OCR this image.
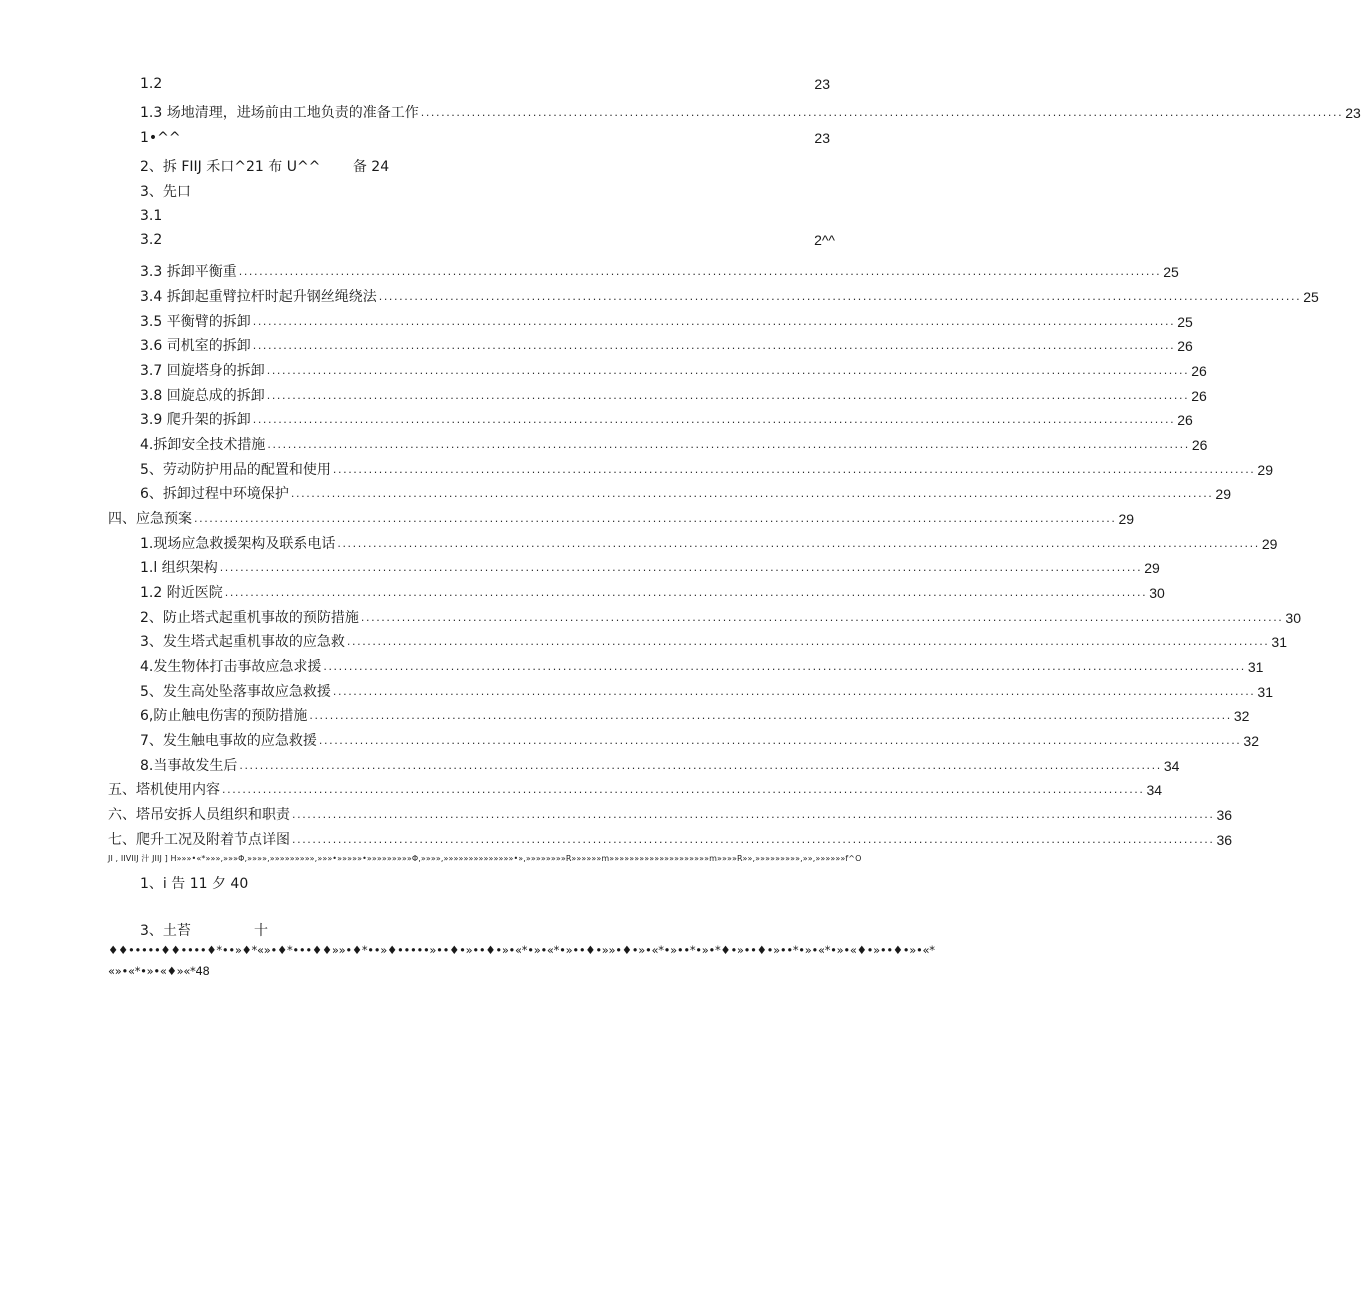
1.2	23
1.3 场地清理，进场前由工地负责的准备工作 ..................................................................................................................................................................................... 23
1•^^	23
2、拆 FIIJ 禾口^21 布 U^^ 　　备 24
3、先口
3.1
3.2	2^^
3.3 拆卸平衡重 ..................................................................................................................................................................................... 25
3.4 拆卸起重臂拉杆时起升钢丝绳绕法 ..................................................................................................................................................................................... 25
3.5 平衡臂的拆卸 ..................................................................................................................................................................................... 25
3.6 司机室的拆卸 ..................................................................................................................................................................................... 26
3.7 回旋塔身的拆卸 ..................................................................................................................................................................................... 26
3.8 回旋总成的拆卸 ..................................................................................................................................................................................... 26
3.9 爬升架的拆卸 ..................................................................................................................................................................................... 26
4.拆卸安全技术措施 ..................................................................................................................................................................................... 26
5、劳动防护用品的配置和使用 ..................................................................................................................................................................................... 29
6、拆卸过程中环境保护 ..................................................................................................................................................................................... 29
四、应急预案 ..................................................................................................................................................................................... 29
1.现场应急救援架构及联系电话 ..................................................................................................................................................................................... 29
1.l 组织架构 ..................................................................................................................................................................................... 29
1.2 附近医院 ..................................................................................................................................................................................... 30
2、防止塔式起重机事故的预防措施 ..................................................................................................................................................................................... 30
3、发生塔式起重机事故的应急救 ..................................................................................................................................................................................... 31
4.发生物体打击事故应急求援 ..................................................................................................................................................................................... 31
5、发生高处坠落事故应急救援 ..................................................................................................................................................................................... 31
6,防止触电伤害的预防措施 ..................................................................................................................................................................................... 32
7、发生触电事故的应急救援 ..................................................................................................................................................................................... 32
8.当事故发生后 ..................................................................................................................................................................................... 34
五、塔机使用内容 ..................................................................................................................................................................................... 34
六、塔吊安拆人员组织和职责 ..................................................................................................................................................................................... 36
七、爬升工况及附着节点详图 ..................................................................................................................................................................................... 36
JI , IIVIIJ 汁 JIIJ ] H»»»•«*»»»,»»»Φ,»»»»,»»»»»»»»»,»»»•»»»»»•»»»»»»»»»Φ,»»»»,»»»»»»»»»»»»»»•»,»»»»»»»»R»»»»»»m»»»»»»»»»»»»»»»»»»»»m»»»»R»»,»»»»»»»»»,»»,»»»»»»f^O
1、i 告 11 夕 40
3、土苔	十
♦♦•••••♦♦••••♦*••»♦*«»•♦*•••♦♦»»•♦*••»♦•••••»••♦•»••♦•»•«*•»•«*•»••♦•»»•♦•»•«*•»••*•»•*♦•»••♦•»••*•»•«*•»•«♦•»••♦•»•«*
«»•«*•»•«♦»«*48
